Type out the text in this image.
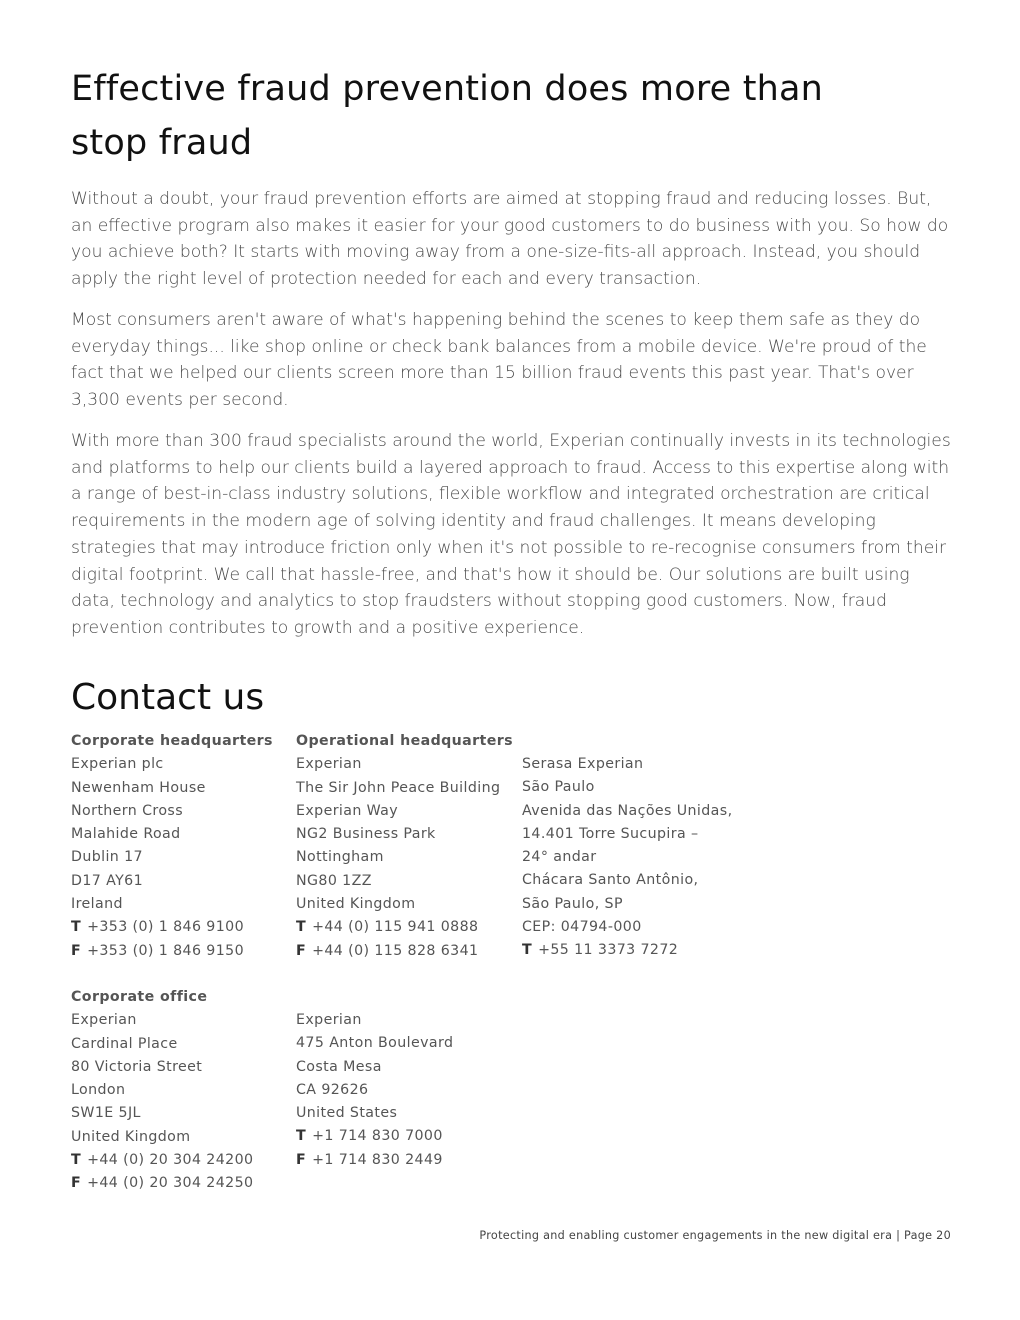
Effective fraud prevention does more than stop fraud

Without a doubt, your fraud prevention efforts are aimed at stopping fraud and reducing losses. But, an effective program also makes it easier for your good customers to do business with you. So how do you achieve both? It starts with moving away from a one-size-fits-all approach. Instead, you should apply the right level of protection needed for each and every transaction.

Most consumers aren't aware of what's happening behind the scenes to keep them safe as they do everyday things... like shop online or check bank balances from a mobile device. We're proud of the fact that we helped our clients screen more than 15 billion fraud events this past year. That's over 3,300 events per second.

With more than 300 fraud specialists around the world, Experian continually invests in its technologies and platforms to help our clients build a layered approach to fraud. Access to this expertise along with a range of best-in-class industry solutions, flexible workflow and integrated orchestration are critical requirements in the modern age of solving identity and fraud challenges. It means developing strategies that may introduce friction only when it's not possible to re-recognise consumers from their digital footprint. We call that hassle-free, and that's how it should be. Our solutions are built using data, technology and analytics to stop fraudsters without stopping good customers. Now, fraud prevention contributes to growth and a positive experience.

Contact us
Corporate headquarters
Experian plc
Newenham House
Northern Cross
Malahide Road
Dublin 17
D17 AY61
Ireland
T +353 (0) 1 846 9100
F +353 (0) 1 846 9150
Operational headquarters
Experian
The Sir John Peace Building
Experian Way
NG2 Business Park
Nottingham
NG80 1ZZ
United Kingdom
T +44 (0) 115 941 0888
F +44 (0) 115 828 6341
Serasa Experian
São Paulo
Avenida das Nações Unidas,
14.401 Torre Sucupira –
24° andar
Chácara Santo Antônio,
São Paulo, SP
CEP: 04794-000
T +55 11 3373 7272
Corporate office
Experian
Cardinal Place
80 Victoria Street
London
SW1E 5JL
United Kingdom
T +44 (0) 20 304 24200
F +44 (0) 20 304 24250
Experian
475 Anton Boulevard
Costa Mesa
CA 92626
United States
T +1 714 830 7000
F +1 714 830 2449
Protecting and enabling customer engagements in the new digital era | Page 20
